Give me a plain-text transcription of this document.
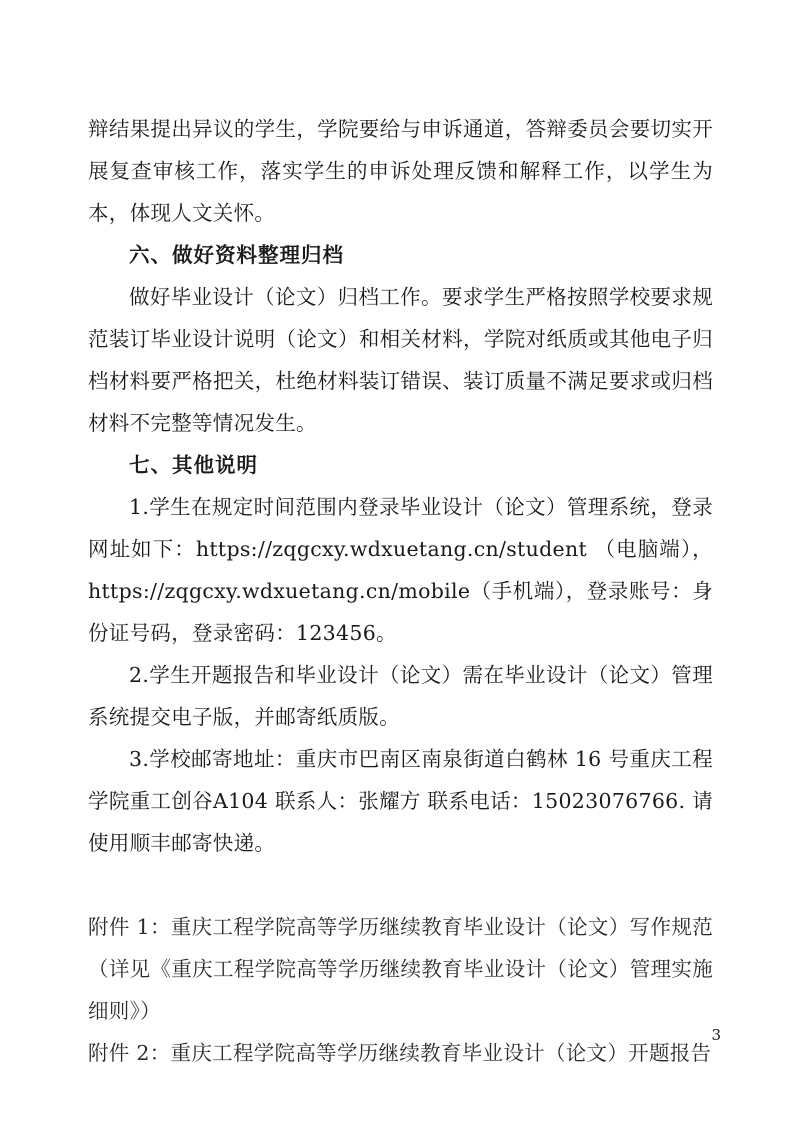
辩结果提出异议的学生，学院要给与申诉通道，答辩委员会要切实开展复查审核工作，落实学生的申诉处理反馈和解释工作，以学生为本，体现人文关怀。

六、做好资料整理归档

做好毕业设计（论文）归档工作。要求学生严格按照学校要求规范装订毕业设计说明（论文）和相关材料，学院对纸质或其他电子归档材料要严格把关，杜绝材料装订错误、装订质量不满足要求或归档材料不完整等情况发生。

七、其他说明

1.学生在规定时间范围内登录毕业设计（论文）管理系统，登录网址如下：https://zqgcxy.wdxuetang.cn/student （电脑端），https://zqgcxy.wdxuetang.cn/mobile（手机端），登录账号：身份证号码，登录密码：123456。

2.学生开题报告和毕业设计（论文）需在毕业设计（论文）管理系统提交电子版，并邮寄纸质版。

3.学校邮寄地址：重庆市巴南区南泉街道白鹤林 16 号重庆工程学院重工创谷A104 联系人：张耀方 联系电话：15023076766. 请使用顺丰邮寄快递。

附件 1：重庆工程学院高等学历继续教育毕业设计（论文）写作规范（详见《重庆工程学院高等学历继续教育毕业设计（论文）管理实施细则》）

附件 2：重庆工程学院高等学历继续教育毕业设计（论文）开题报告

3
